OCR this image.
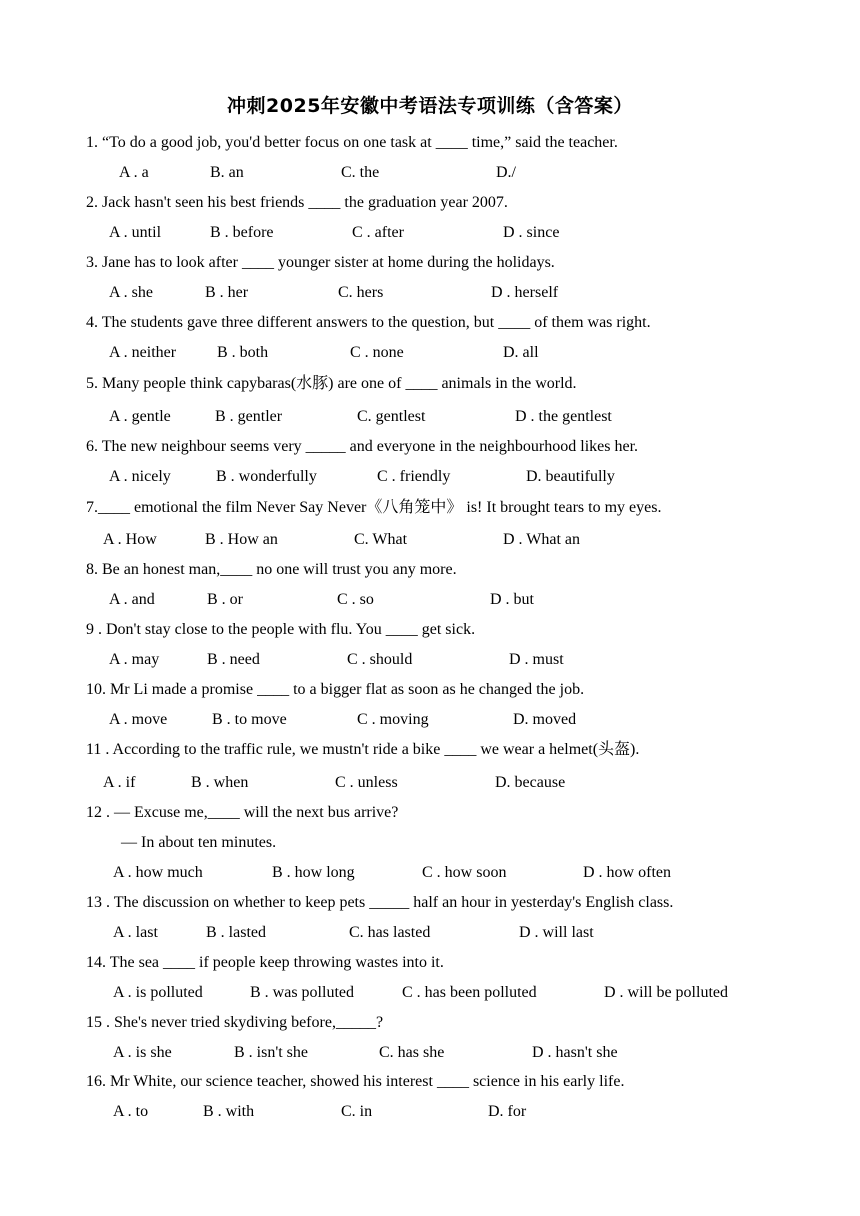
冲刺2025年安徽中考语法专项训练（含答案）
1. “To do a good job, you'd better focus on one task at ____ time,” said the teacher.
A . a	B. an	C. the	D./
2. Jack hasn't seen his best friends ____ the graduation year 2007.
A . until	B . before	C . after	D . since
3. Jane has to look after ____ younger sister at home during the holidays.
A . she	B . her	C. hers	D . herself
4. The students gave three different answers to the question, but ____ of them was right.
A . neither	B . both	C . none	D. all
5. Many people think capybaras(水豚) are one of ____ animals in the world.
A . gentle	B . gentler	C. gentlest	D . the gentlest
6. The new neighbour seems very _____ and everyone in the neighbourhood likes her.
A . nicely	B . wonderfully	C . friendly	D. beautifully
7.____ emotional the film Never Say Never《八角笼中》 is! It brought tears to my eyes.
A . How	B . How an	C. What	D . What an
8. Be an honest man,____ no one will trust you any more.
A . and	B . or	C . so	D . but
9 . Don't stay close to the people with flu. You ____ get sick.
A . may	B . need	C . should	D . must
10. Mr Li made a promise ____ to a bigger flat as soon as he changed the job.
A . move	B . to move	C . moving	D. moved
11 . According to the traffic rule, we mustn't ride a bike ____ we wear a helmet(头盔).
A . if	B . when	C . unless	D. because
12 . — Excuse me,____ will the next bus arrive?
— In about ten minutes.
A . how much	B . how long	C . how soon	D . how often
13 . The discussion on whether to keep pets _____ half an hour in yesterday's English class.
A . last	B . lasted	C. has lasted	D . will last
14. The sea ____ if people keep throwing wastes into it.
A . is polluted	B . was polluted	C . has been polluted	D . will be polluted
15 . She's never tried skydiving before,_____?
A . is she	B . isn't she	C. has she	D . hasn't she
16. Mr White, our science teacher, showed his interest ____ science in his early life.
A . to	B . with	C. in	D. for
